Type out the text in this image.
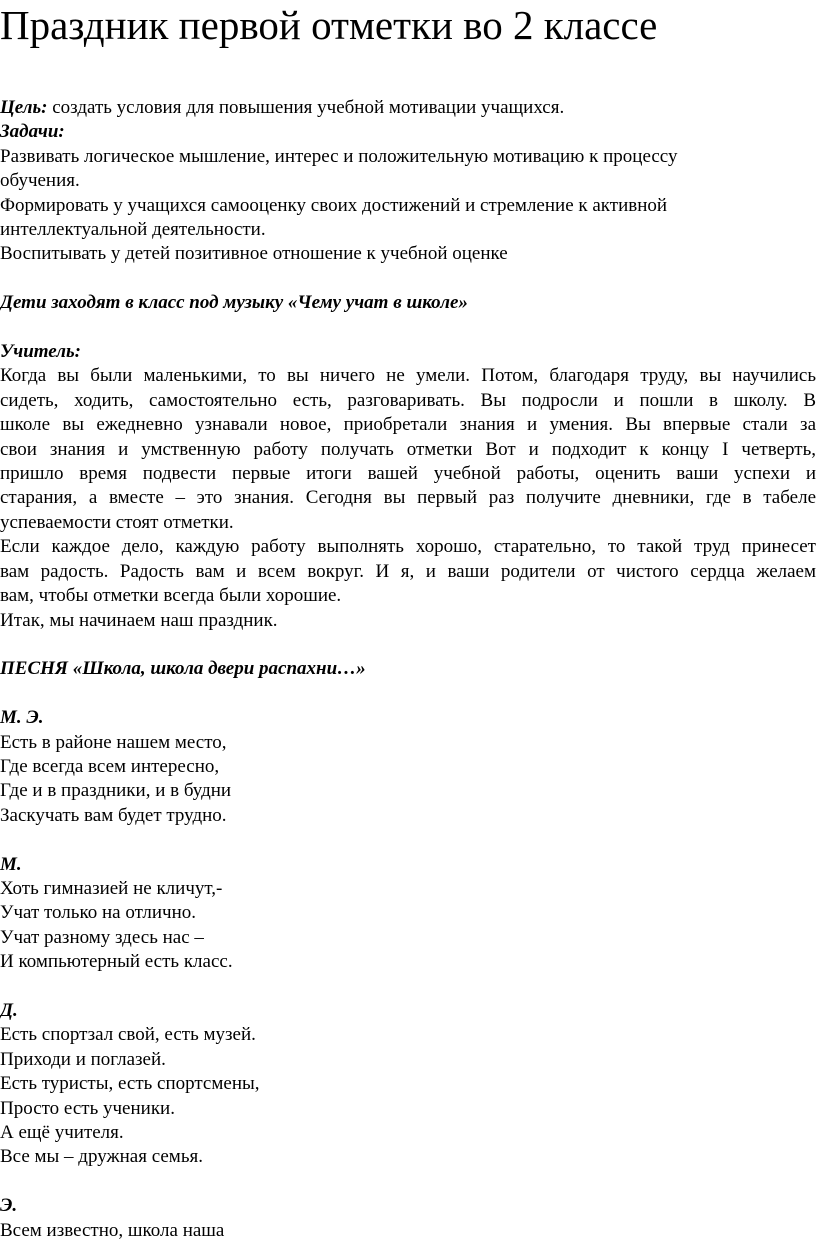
Праздник первой отметки во 2 классе

Цель: создать условия для повышения учебной мотивации учащихся.

Задачи:

Развивать логическое мышление, интерес и положительную мотивацию к процессу

обучения.

Формировать у учащихся самооценку своих достижений и стремление к активной

интеллектуальной деятельности.

Воспитывать у детей позитивное отношение к учебной оценке

Дети заходят в класс под музыку «Чему учат в школе»

Учитель:

Когда вы были маленькими, то вы ничего не умели. Потом, благодаря труду, вы научились

сидеть, ходить, самостоятельно есть, разговаривать. Вы подросли и пошли в школу. В

школе вы ежедневно узнавали новое, приобретали знания и умения. Вы впервые стали за

свои знания и умственную работу получать отметки Вот и подходит к концу I четверть,

пришло время подвести первые итоги вашей учебной работы, оценить ваши успехи и

старания, а вместе – это знания. Сегодня вы первый раз получите дневники, где в табеле

успеваемости стоят отметки.

Если каждое дело, каждую работу выполнять хорошо, старательно, то такой труд принесет

вам радость. Радость вам и всем вокруг. И я, и ваши родители от чистого сердца желаем

вам, чтобы отметки всегда были хорошие.

Итак, мы начинаем наш праздник.

ПЕСНЯ «Школа, школа двери распахни…»

М. Э.

Есть в районе нашем место,

Где всегда всем интересно,

Где и в праздники, и в будни

Заскучать вам будет трудно.

М.

Хоть гимназией не кличут,-

Учат только на отлично.

Учат разному здесь нас –

И компьютерный есть класс.

Д.

Есть спортзал свой, есть музей.

Приходи и поглазей.

Есть туристы, есть спортсмены,

Просто есть ученики.

А ещё учителя.

Все мы – дружная семья.

Э.

Всем известно, школа наша
